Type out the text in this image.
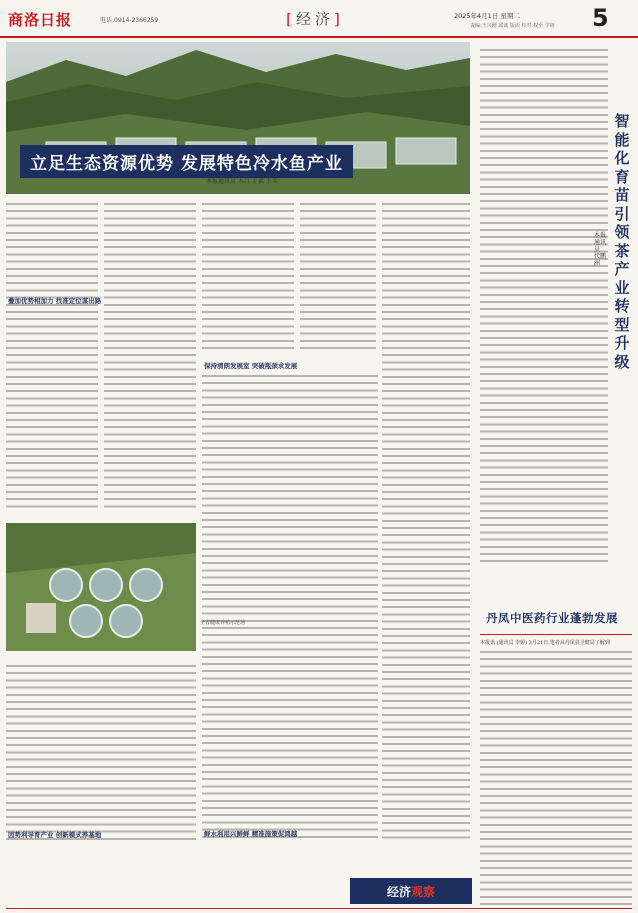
商洛日报	电话:0914-2366259	[经济]	2025年4月1日 星期二
责编:王兴刚 邱诚 版面 校对:权至 学研 5
立足生态资源优势 发展特色冷水鱼产业
本报通讯员 木昌 王毅 王美
叠加优势相加力 找准定位谋出路
保持清朗发展室 突破瓶颈求发展
因势利导育产业 创新模式养基地	鲜水利用兴鲜鲜 精准施策促鸿越
全省健康养殖示范场
智能化育苗引领茶产业转型升级
本报通讯员 代鹏洲
丹凤中医药行业蓬勃发展
本报讯 (通讯员 李婷) 3月21日,笔者从丹凤县卫健局了解到
经济观察
